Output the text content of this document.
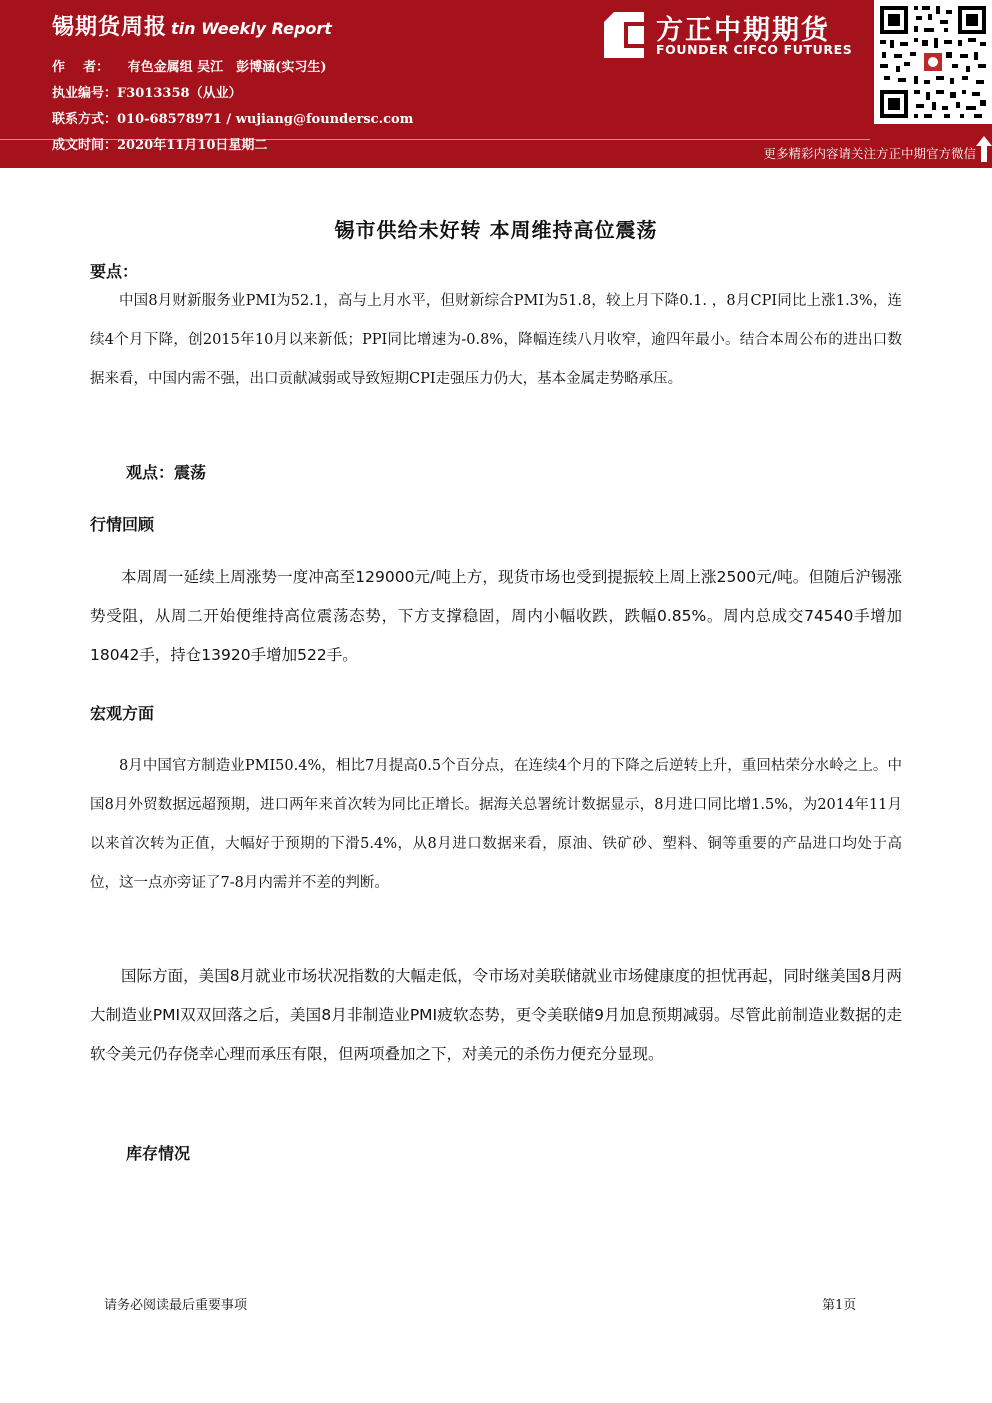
锡期货周报 tin Weekly Report
作    者： 有色金属组 吴江　彭博涵(实习生)
执业编号：F3013358（从业）
联系方式：010-68578971 / wujiang@foundersc.com
成文时间：2020年11月10日星期二
方正中期期货
FOUNDER CIFCO FUTURES
更多精彩内容请关注方正中期官方微信
锡市供给未好转 本周维持高位震荡
要点：

中国8月财新服务业PMI为52.1，高与上月水平，但财新综合PMI为51.8，较上月下降0.1. ，8月CPI同比上涨1.3%，连续4个月下降，创2015年10月以来新低；PPI同比增速为-0.8%，降幅连续八月收窄，逾四年最小。结合本周公布的进出口数据来看，中国内需不强，出口贡献减弱或导致短期CPI走强压力仍大，基本金属走势略承压。

观点：震荡
行情回顾

本周周一延续上周涨势一度冲高至129000元/吨上方，现货市场也受到提振较上周上涨2500元/吨。但随后沪锡涨势受阻，从周二开始便维持高位震荡态势，下方支撑稳固，周内小幅收跌，跌幅0.85%。周内总成交74540手增加18042手，持仓13920手增加522手。

宏观方面

8月中国官方制造业PMI50.4%，相比7月提高0.5个百分点，在连续4个月的下降之后逆转上升，重回枯荣分水岭之上。中国8月外贸数据远超预期，进口两年来首次转为同比正增长。据海关总署统计数据显示，8月进口同比增1.5%，为2014年11月以来首次转为正值，大幅好于预期的下滑5.4%，从8月进口数据来看，原油、铁矿砂、塑料、铜等重要的产品进口均处于高位，这一点亦旁证了7-8月内需并不差的判断。

国际方面，美国8月就业市场状况指数的大幅走低，令市场对美联储就业市场健康度的担忧再起，同时继美国8月两大制造业PMI双双回落之后，美国8月非制造业PMI疲软态势，更令美联储9月加息预期减弱。尽管此前制造业数据的走软令美元仍存侥幸心理而承压有限，但两项叠加之下，对美元的杀伤力便充分显现。

库存情况
请务必阅读最后重要事项	第1页
